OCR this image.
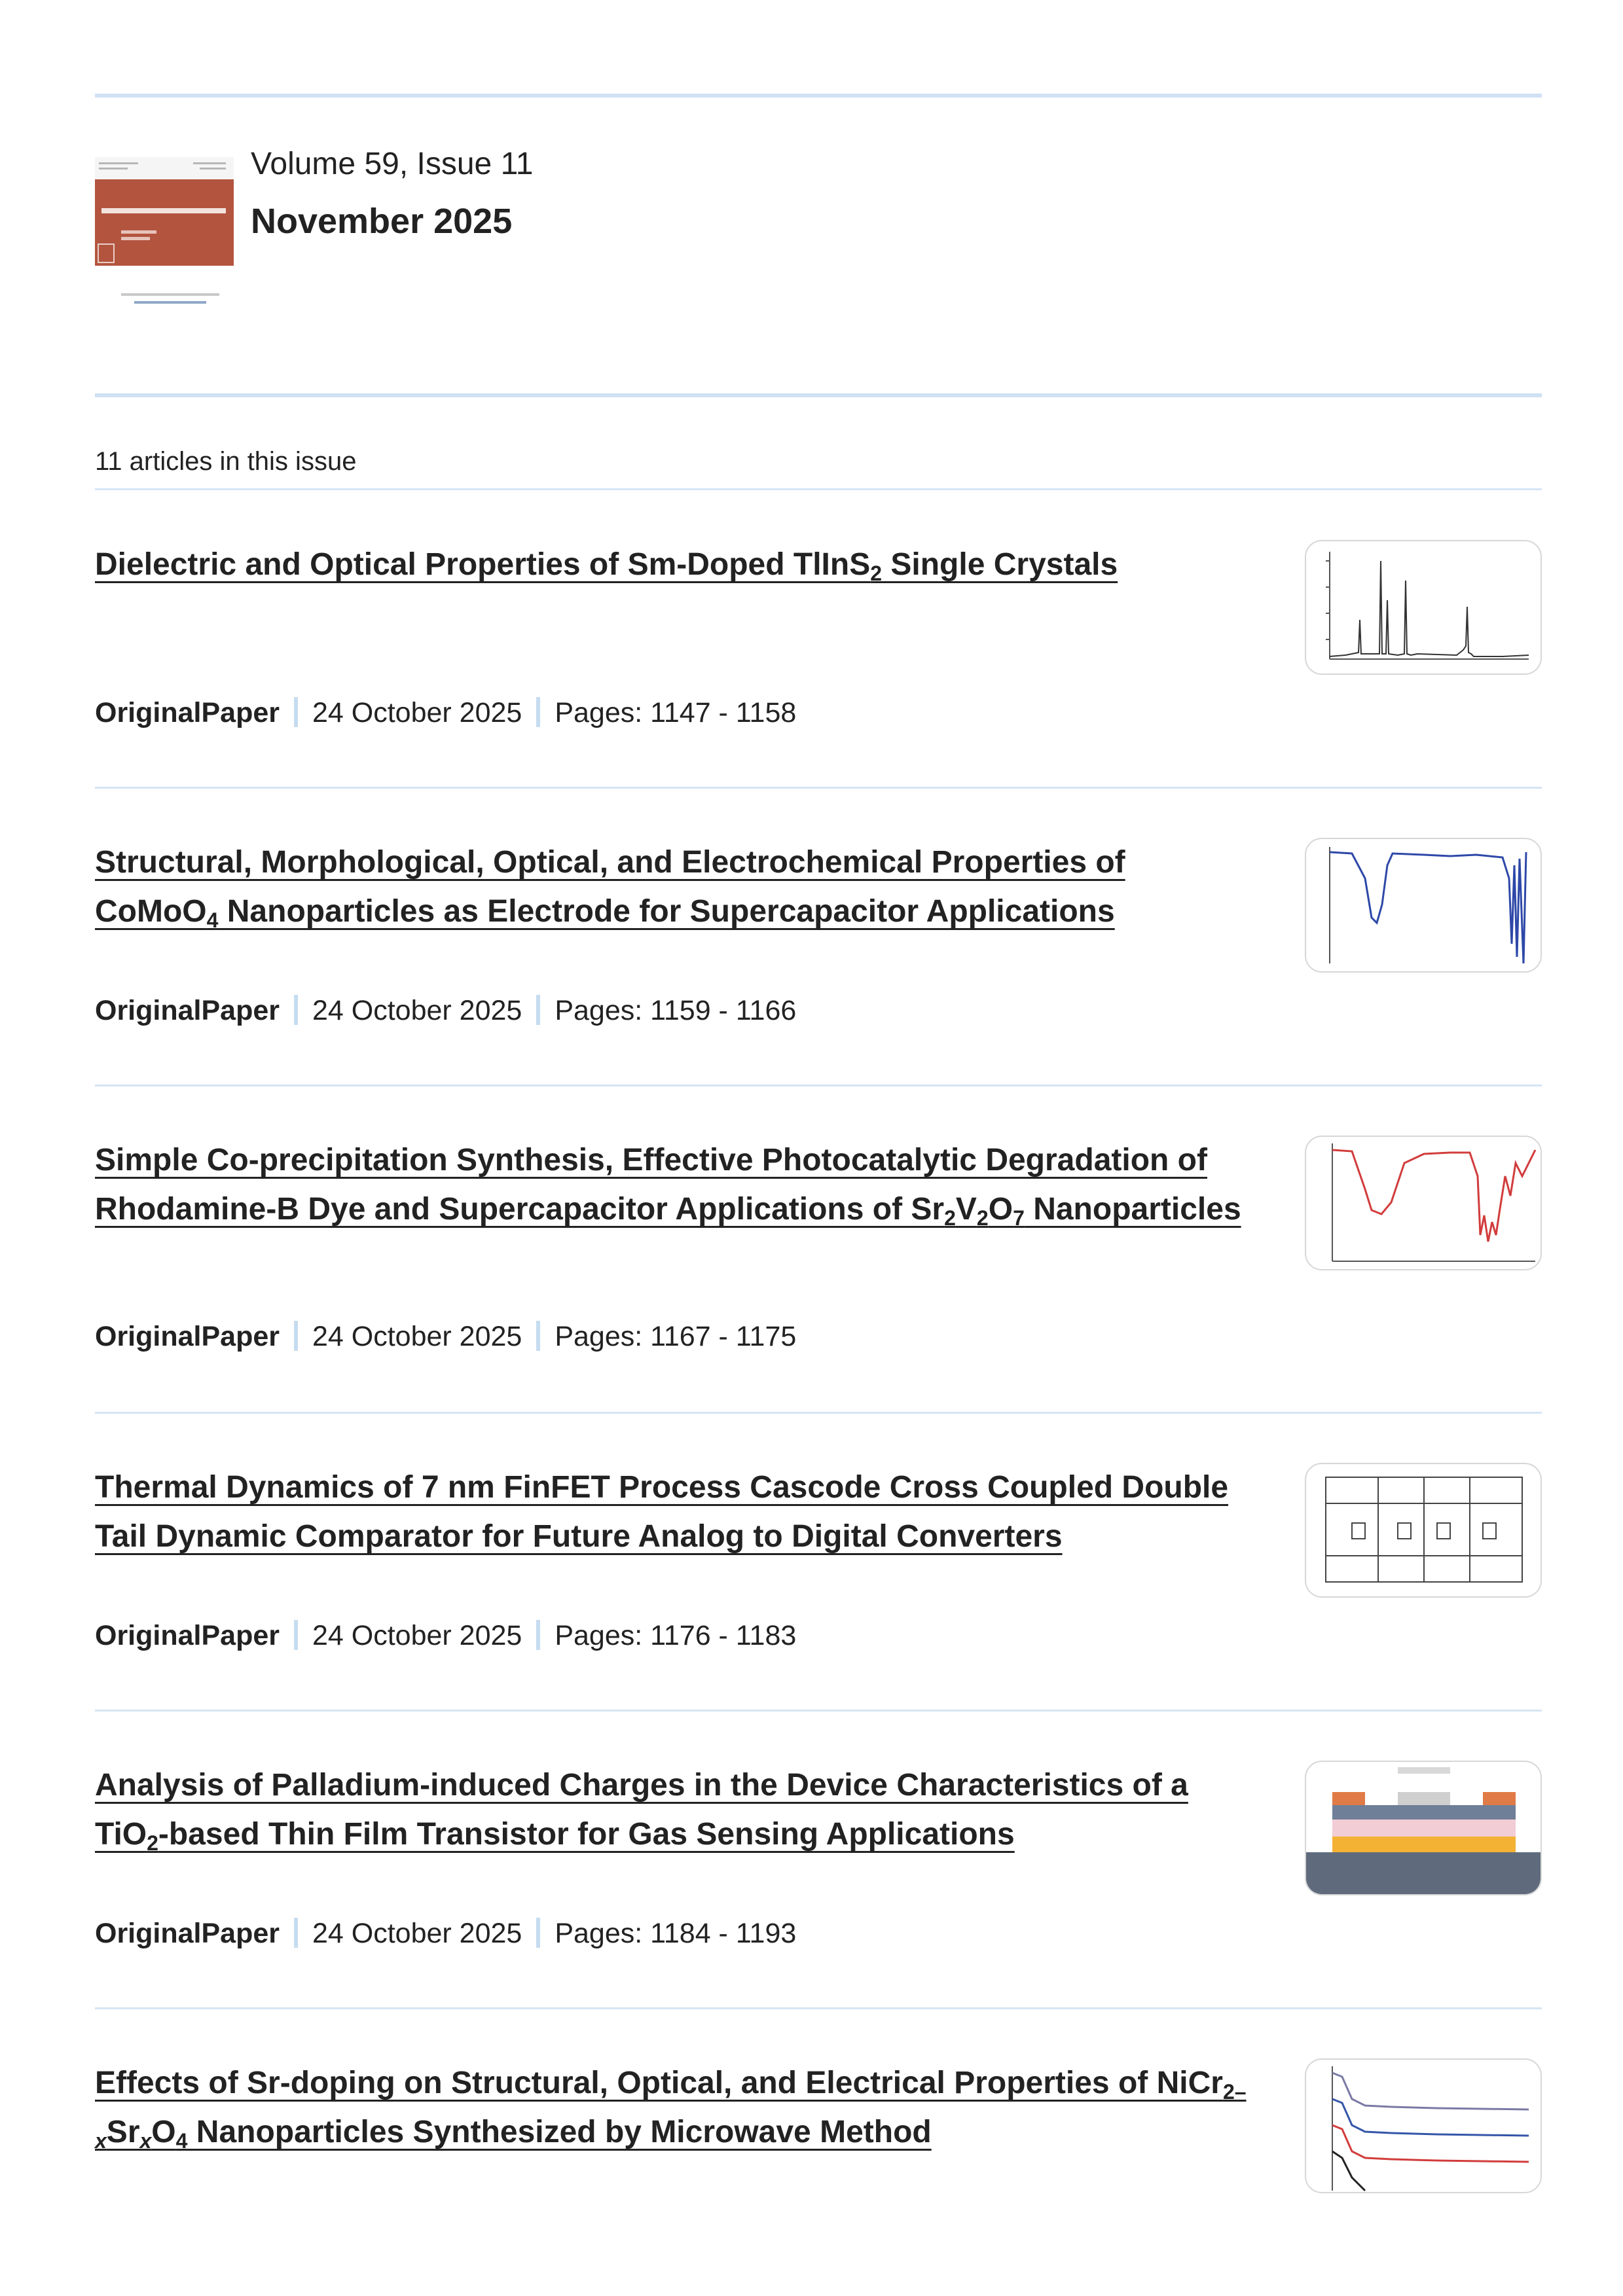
Volume 59, Issue 11
November 2025
11 articles in this issue
Dielectric and Optical Properties of Sm-Doped TlInS$_2$ Single Crystals
OriginalPaper 24 October 2025 Pages: 1147 - 1158
Structural, Morphological, Optical, and Electrochemical Properties of CoMoO$_4$ Nanoparticles as Electrode for Supercapacitor Applications
OriginalPaper 24 October 2025 Pages: 1159 - 1166
Simple Co-precipitation Synthesis, Effective Photocatalytic Degradation of Rhodamine-B Dye and Supercapacitor Applications of $Sr_2V_2O_7$ Nanoparticles
OriginalPaper 24 October 2025 Pages: 1167 - 1175
Thermal Dynamics of 7 nm FinFET Process Cascode Cross Coupled Double Tail Dynamic Comparator for Future Analog to Digital Converters
OriginalPaper 24 October 2025 Pages: 1176 - 1183
Analysis of Palladium-induced Charges in the Device Characteristics of a TiO$_2$-based Thin Film Transistor for Gas Sensing Applications
OriginalPaper 24 October 2025 Pages: 1184 - 1193
Effects of Sr-doping on Structural, Optical, and Electrical Properties of $NiCr_{2-x}Sr_xO_4$ Nanoparticles Synthesized by Microwave Method
